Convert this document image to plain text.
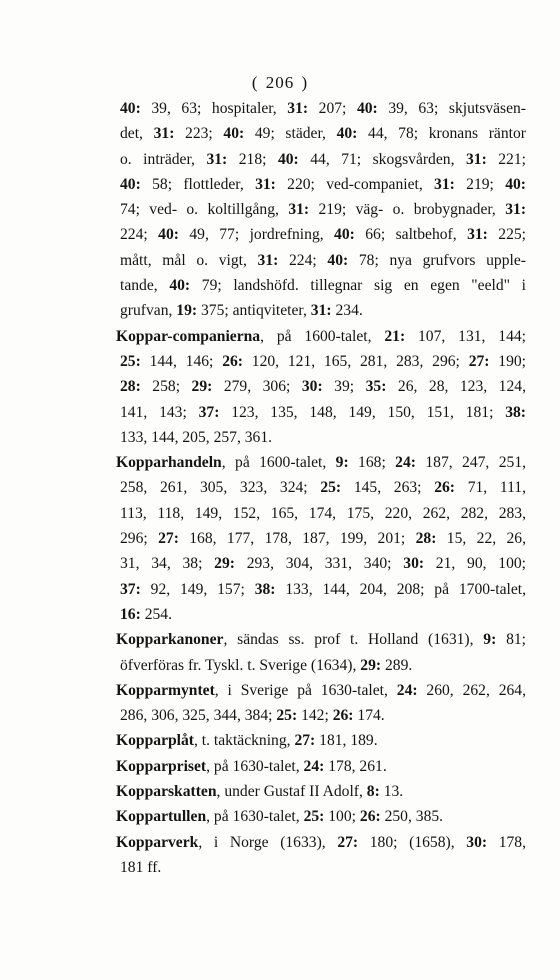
( 206 )
40: 39, 63; hospitaler, 31: 207; 40: 39, 63; skjutsväsen-
det, 31: 223; 40: 49; städer, 40: 44, 78; kronans räntor
o. inträder, 31: 218; 40: 44, 71; skogsvården, 31: 221;
40: 58; flottleder, 31: 220; ved-companiet, 31: 219; 40:
74; ved- o. koltillgång, 31: 219; väg- o. brobygnader, 31:
224; 40: 49, 77; jordrefning, 40: 66; saltbehof, 31: 225;
mått, mål o. vigt, 31: 224; 40: 78; nya grufvors upple-
tande, 40: 79; landshöfd. tillegnar sig en egen "eeld" i
grufvan, 19: 375; antiqviteter, 31: 234.
Koppar-companierna, på 1600-talet, 21: 107, 131, 144;
25: 144, 146; 26: 120, 121, 165, 281, 283, 296; 27: 190;
28: 258; 29: 279, 306; 30: 39; 35: 26, 28, 123, 124,
141, 143; 37: 123, 135, 148, 149, 150, 151, 181; 38:
133, 144, 205, 257, 361.
Kopparhandeln, på 1600-talet, 9: 168; 24: 187, 247, 251,
258, 261, 305, 323, 324; 25: 145, 263; 26: 71, 111,
113, 118, 149, 152, 165, 174, 175, 220, 262, 282, 283,
296; 27: 168, 177, 178, 187, 199, 201; 28: 15, 22, 26,
31, 34, 38; 29: 293, 304, 331, 340; 30: 21, 90, 100;
37: 92, 149, 157; 38: 133, 144, 204, 208; på 1700-talet,
16: 254.
Kopparkanoner, sändas ss. prof t. Holland (1631), 9: 81;
öfverföras fr. Tyskl. t. Sverige (1634), 29: 289.
Kopparmyntet, i Sverige på 1630-talet, 24: 260, 262, 264,
286, 306, 325, 344, 384; 25: 142; 26: 174.
Kopparplåt, t. taktäckning, 27: 181, 189.
Kopparpriset, på 1630-talet, 24: 178, 261.
Kopparskatten, under Gustaf II Adolf, 8: 13.
Koppartullen, på 1630-talet, 25: 100; 26: 250, 385.
Kopparverk, i Norge (1633), 27: 180; (1658), 30: 178,
181 ff.
